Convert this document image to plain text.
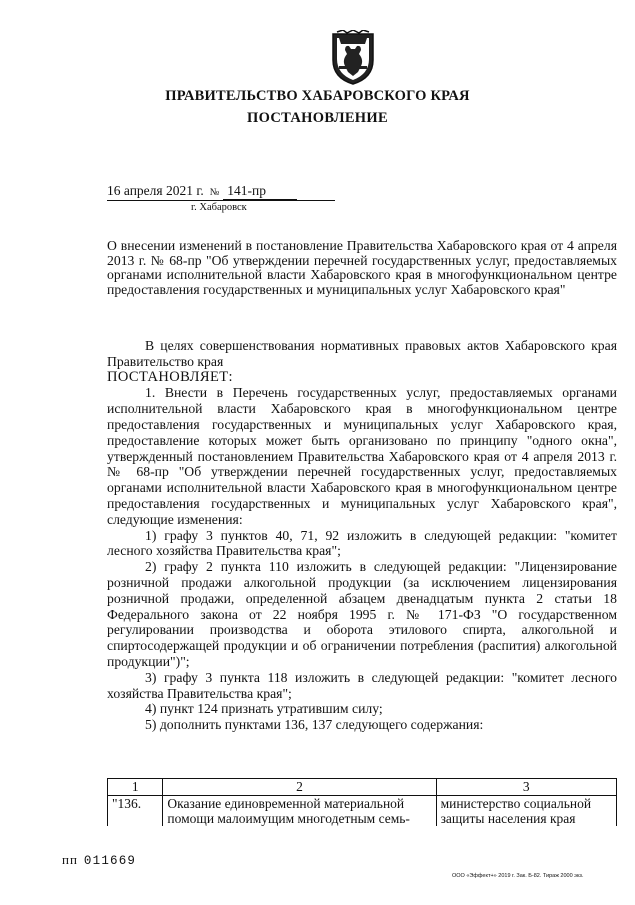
ПРАВИТЕЛЬСТВО ХАБАРОВСКОГО КРАЯ
ПОСТАНОВЛЕНИЕ
16 апреля 2021 г. № 141-пр
г. Хабаровск
О внесении изменений в постановление Правительства Хабаровского края от 4 апреля 2013 г. № 68-пр "Об утверждении перечней государственных услуг, предоставляемых органами исполнительной власти Хабаровского края в многофункциональном центре предоставления государственных и муниципальных услуг Хабаровского края"

В целях совершенствования нормативных правовых актов Хабаровского края Правительство края

ПОСТАНОВЛЯЕТ:

1. Внести в Перечень государственных услуг, предоставляемых органами исполнительной власти Хабаровского края в многофункциональном центре предоставления государственных и муниципальных услуг Хабаровского края, предоставление которых может быть организовано по принципу "одного окна", утвержденный постановлением Правительства Хабаровского края от 4 апреля 2013 г. № 68-пр "Об утверждении перечней государственных услуг, предоставляемых органами исполнительной власти Хабаровского края в многофункциональном центре предоставления государственных и муниципальных услуг Хабаровского края", следующие изменения:

1) графу 3 пунктов 40, 71, 92 изложить в следующей редакции: "комитет лесного хозяйства Правительства края";

2) графу 2 пункта 110 изложить в следующей редакции: "Лицензирование розничной продажи алкогольной продукции (за исключением лицензирования розничной продажи, определенной абзацем двенадцатым пункта 2 статьи 18 Федерального закона от 22 ноября 1995 г. № 171-ФЗ "О государственном регулировании производства и оборота этилового спирта, алкогольной и спиртосодержащей продукции и об ограничении потребления (распития) алкогольной продукции")";

3) графу 3 пункта 118 изложить в следующей редакции: "комитет лесного хозяйства Правительства края";

4) пункт 124 признать утратившим силу;

5) дополнить пунктами 136, 137 следующего содержания:

1	2	3
"136.	Оказание единовременной материальной помощи малоимущим многодетным семь-	министерство социальной защиты населения края
пп 011669
ООО «Эффект+» 2019 г. Зак. Б-82. Тираж 2000 экз.
